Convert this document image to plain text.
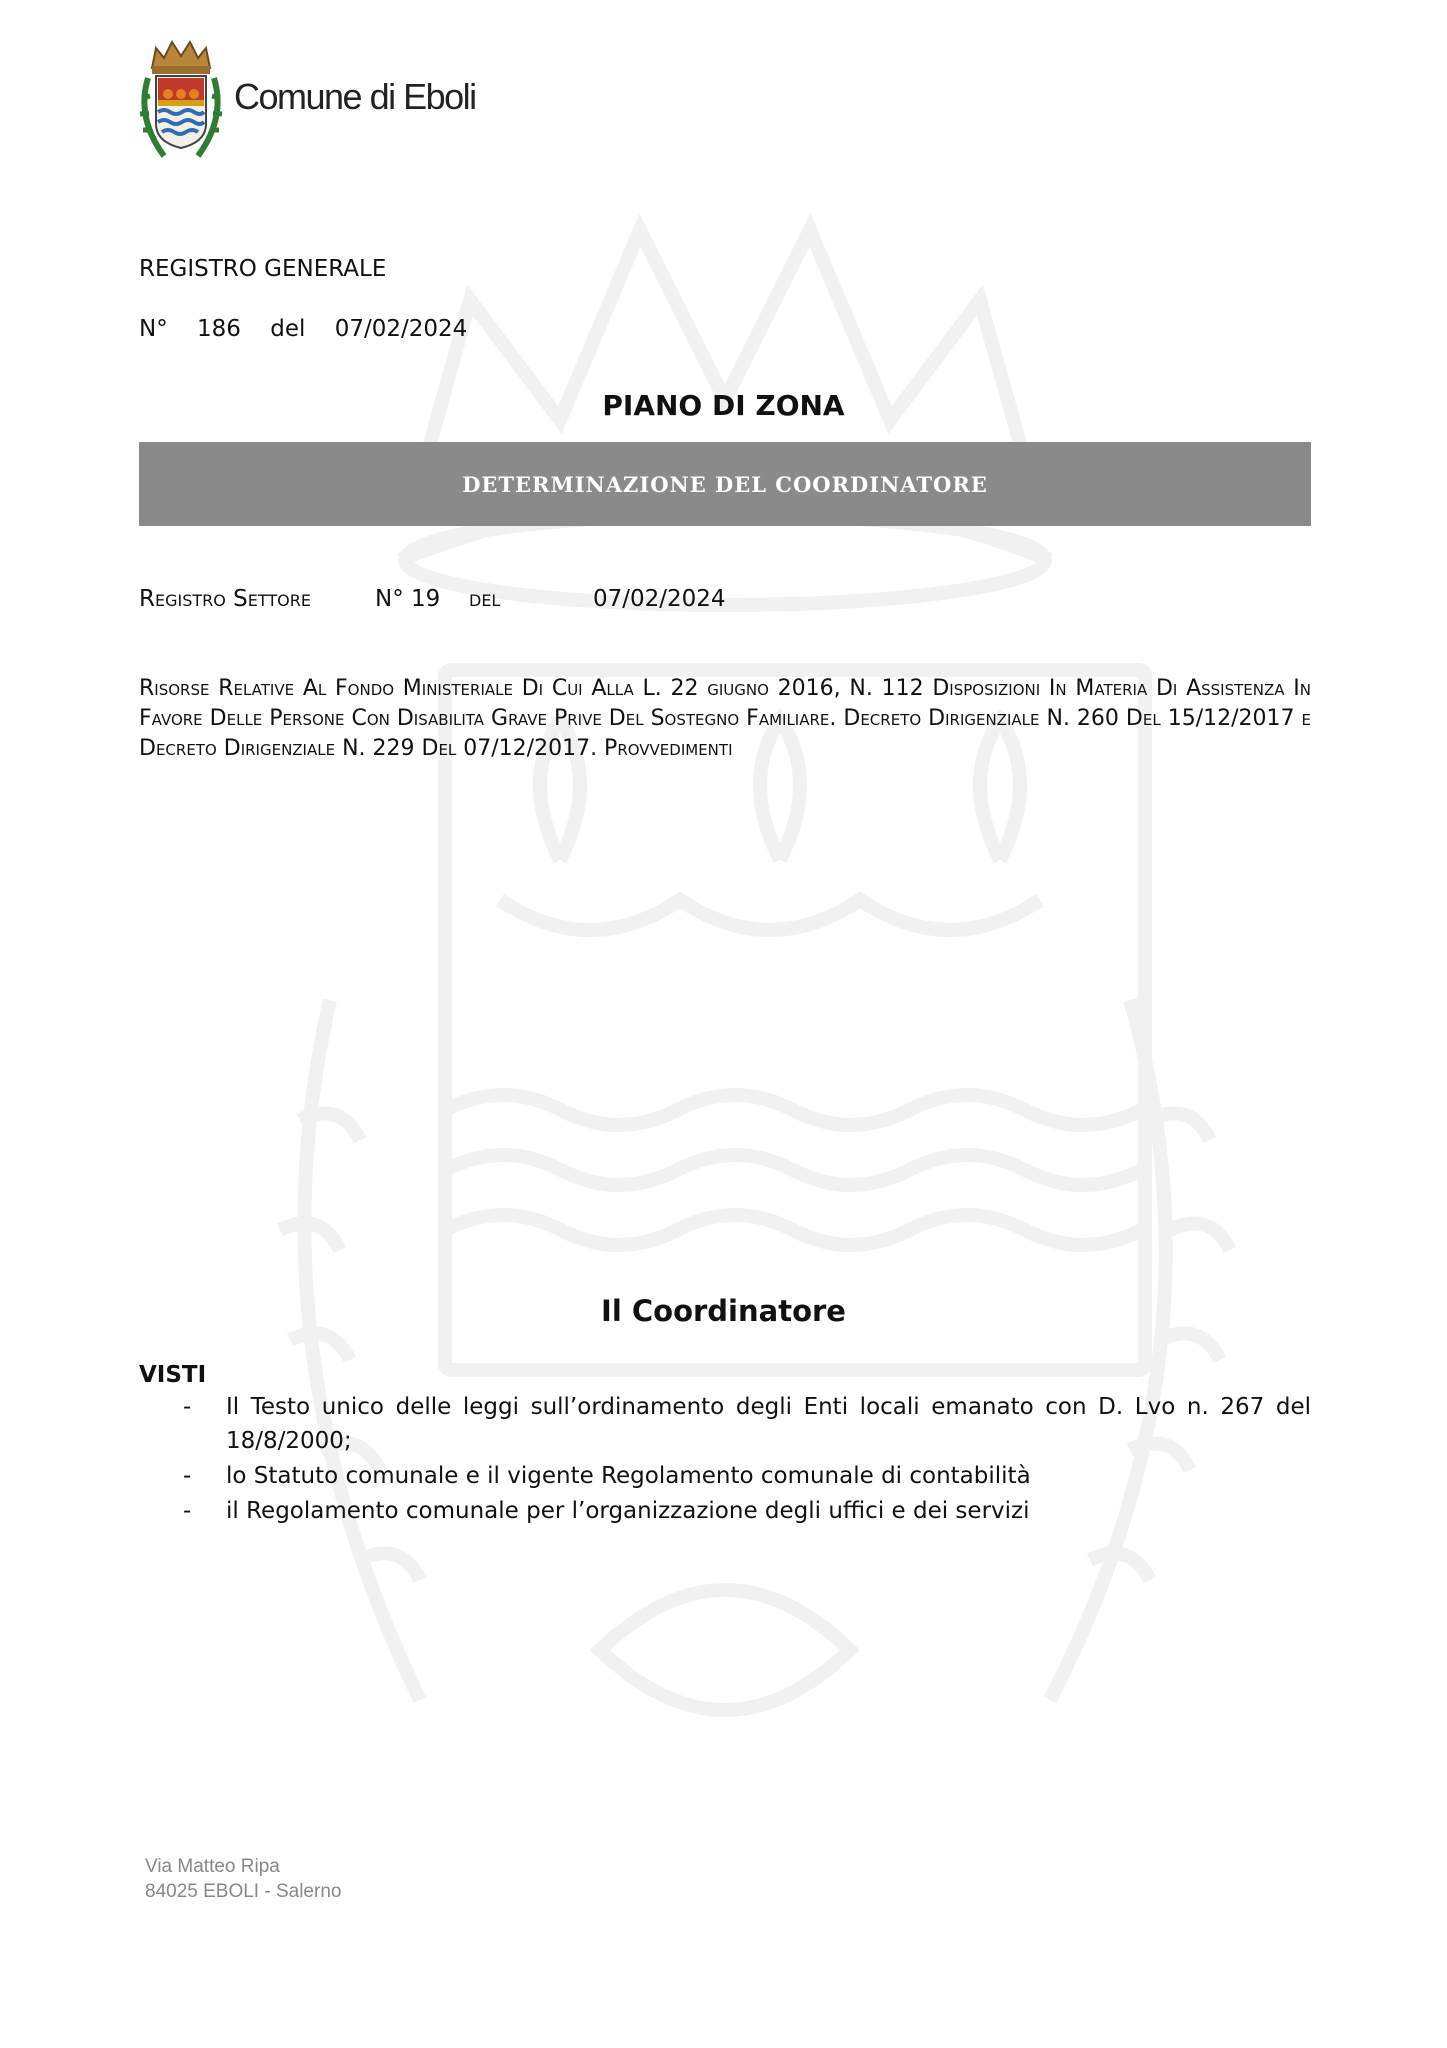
Comune di Eboli
REGISTRO GENERALE
N° 186 del 07/02/2024
PIANO DI ZONA
DETERMINAZIONE DEL COORDINATORE
Registro Settore	N° 19 del	07/02/2024
Risorse Relative Al Fondo Ministeriale Di Cui Alla L. 22 giugno 2016, N. 112 Disposizioni In Materia Di Assistenza In Favore Delle Persone Con Disabilita Grave Prive Del Sostegno Familiare. Decreto Dirigenziale N. 260 Del 15/12/2017 e Decreto Dirigenziale N. 229 Del 07/12/2017. Provvedimenti
Il Coordinatore
VISTI
- Il Testo unico delle leggi sull’ordinamento degli Enti locali emanato con D. Lvo n. 267 del 18/8/2000;
- lo Statuto comunale e il vigente Regolamento comunale di contabilità
- il Regolamento comunale per l’organizzazione degli uffici e dei servizi
Via Matteo Ripa
84025 EBOLI - Salerno
